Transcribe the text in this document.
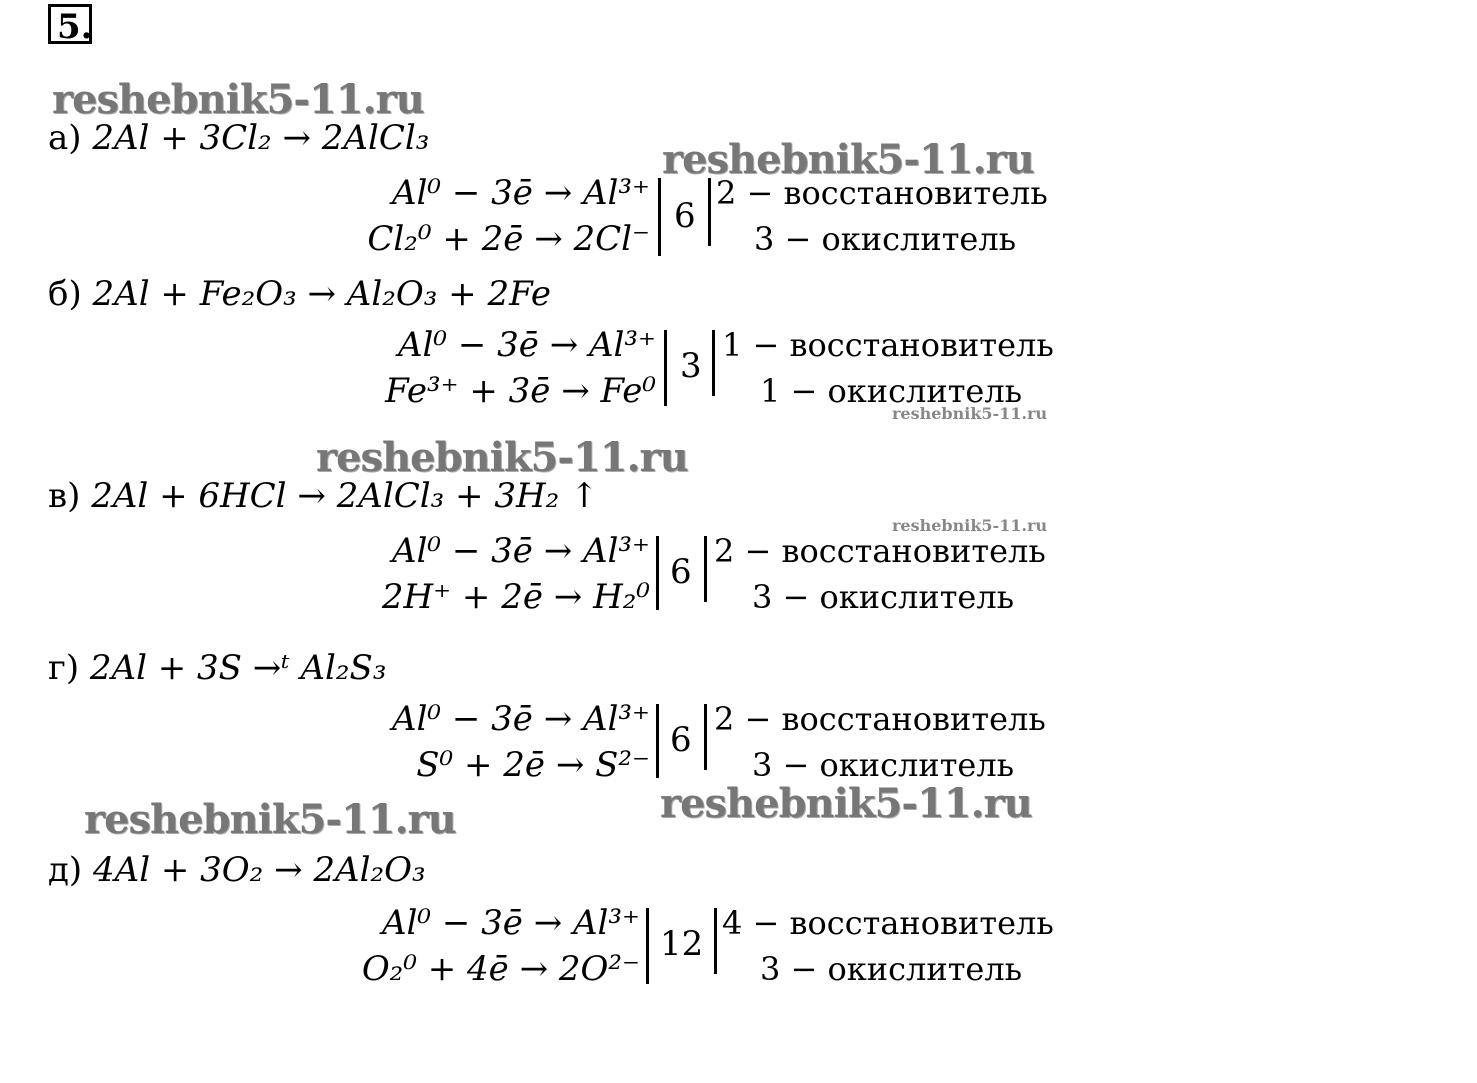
5.
reshebnik5-11.ru
reshebnik5-11.ru
reshebnik5-11.ru
reshebnik5-11.ru
reshebnik5-11.ru
reshebnik5-11.ru
reshebnik5-11.ru
а) 2Al + 3Cl₂ → 2AlCl₃
Al⁰ − 3ē → Al³⁺
Cl₂⁰ + 2ē → 2Cl⁻
6
2 − восстановитель
3 − окислитель
б) 2Al + Fe₂O₃ → Al₂O₃ + 2Fe
Al⁰ − 3ē → Al³⁺
Fe³⁺ + 3ē → Fe⁰
3
1 − восстановитель
1 − окислитель
в) 2Al + 6HCl → 2AlCl₃ + 3H₂ ↑
Al⁰ − 3ē → Al³⁺
2H⁺ + 2ē → H₂⁰
6
2 − восстановитель
3 − окислитель
г) 2Al + 3S →ᵗ Al₂S₃
Al⁰ − 3ē → Al³⁺
S⁰ + 2ē → S²⁻
6
2 − восстановитель
3 − окислитель
д) 4Al + 3O₂ → 2Al₂O₃
Al⁰ − 3ē → Al³⁺
O₂⁰ + 4ē → 2O²⁻
12
4 − восстановитель
3 − окислитель
